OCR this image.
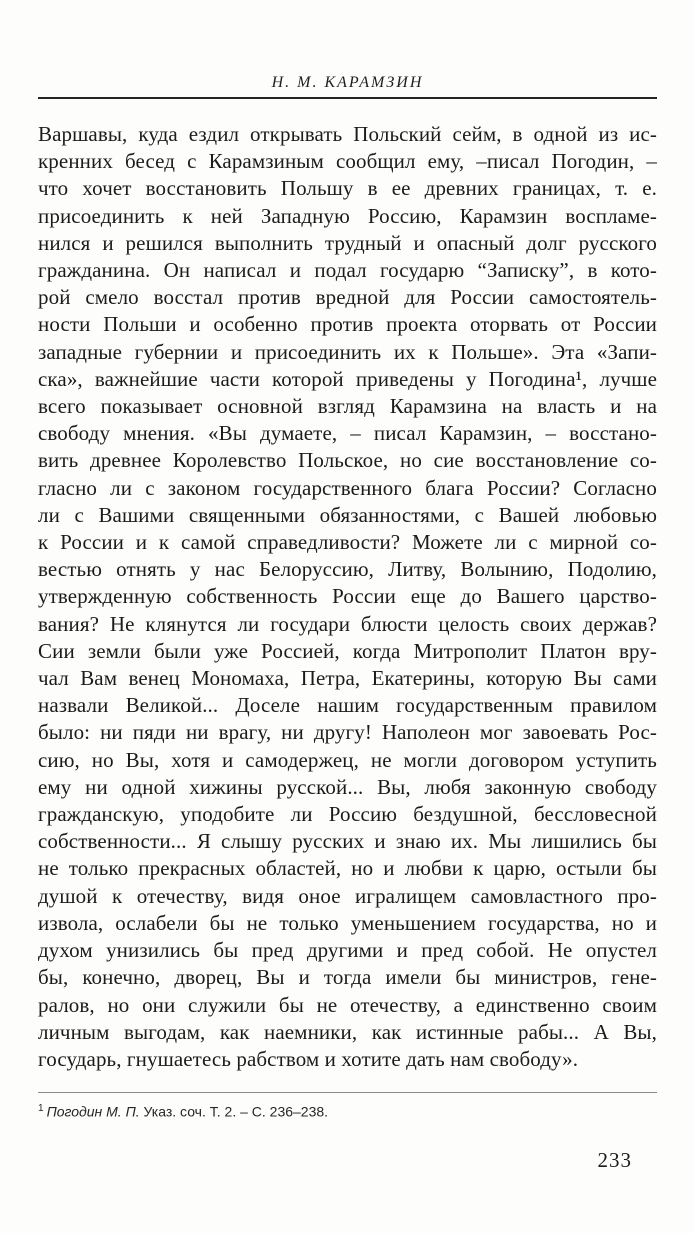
Н. М. КАРАМЗИН
Варшавы, куда ездил открывать Польский сейм, в одной из ис-
кренних бесед с Карамзиным сообщил ему, –писал Погодин, –
что хочет восстановить Польшу в ее древних границах, т. е.
присоединить к ней Западную Россию, Карамзин воспламе-
нился и решился выполнить трудный и опасный долг русского
гражданина. Он написал и подал государю “Записку”, в кото-
рой смело восстал против вредной для России самостоятель-
ности Польши и особенно против проекта оторвать от России
западные губернии и присоединить их к Польше». Эта «Запи-
ска», важнейшие части которой приведены у Погодина¹, лучше
всего показывает основной взгляд Карамзина на власть и на
свободу мнения. «Вы думаете, – писал Карамзин, – восстано-
вить древнее Королевство Польское, но сие восстановление со-
гласно ли с законом государственного блага России? Согласно
ли с Вашими священными обязанностями, с Вашей любовью
к России и к самой справедливости? Можете ли с мирной со-
вестью отнять у нас Белоруссию, Литву, Волынию, Подолию,
утвержденную собственность России еще до Вашего царство-
вания? Не клянутся ли государи блюсти целость своих держав?
Сии земли были уже Россией, когда Митрополит Платон вру-
чал Вам венец Мономаха, Петра, Екатерины, которую Вы сами
назвали Великой... Доселе нашим государственным правилом
было: ни пяди ни врагу, ни другу! Наполеон мог завоевать Рос-
сию, но Вы, хотя и самодержец, не могли договором уступить
ему ни одной хижины русской... Вы, любя законную свободу
гражданскую, уподобите ли Россию бездушной, бессловесной
собственности... Я слышу русских и знаю их. Мы лишились бы
не только прекрасных областей, но и любви к царю, остыли бы
душой к отечеству, видя оное игралищем самовластного про-
извола, ослабели бы не только уменьшением государства, но и
духом унизились бы пред другими и пред собой. Не опустел
бы, конечно, дворец, Вы и тогда имели бы министров, гене-
ралов, но они служили бы не отечеству, а единственно своим
личным выгодам, как наемники, как истинные рабы... А Вы,
государь, гнушаетесь рабством и хотите дать нам свободу».
$^1$ Погодин М. П. Указ. соч. Т. 2. – С. 236–238.
233
